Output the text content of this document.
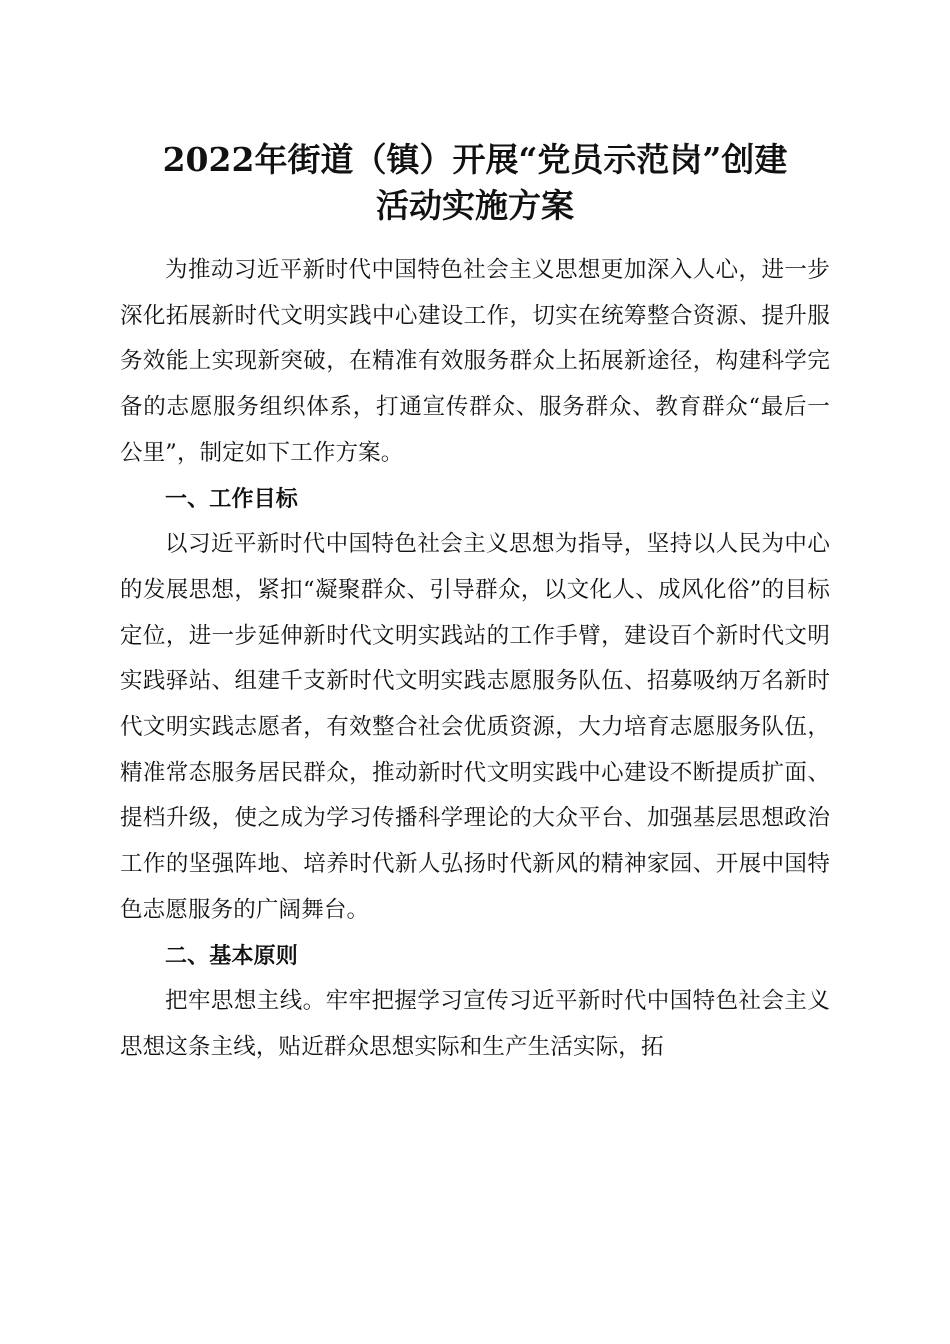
2022年街道（镇）开展“党员示范岗”创建
活动实施方案

为推动习近平新时代中国特色社会主义思想更加深入人心，进一步深化拓展新时代文明实践中心建设工作，切实在统筹整合资源、提升服务效能上实现新突破，在精准有效服务群众上拓展新途径，构建科学完备的志愿服务组织体系，打通宣传群众、服务群众、教育群众“最后一公里”，制定如下工作方案。

一、工作目标

以习近平新时代中国特色社会主义思想为指导，坚持以人民为中心的发展思想，紧扣“凝聚群众、引导群众，以文化人、成风化俗”的目标定位，进一步延伸新时代文明实践站的工作手臂，建设百个新时代文明实践驿站、组建千支新时代文明实践志愿服务队伍、招募吸纳万名新时代文明实践志愿者，有效整合社会优质资源，大力培育志愿服务队伍，精准常态服务居民群众，推动新时代文明实践中心建设不断提质扩面、提档升级，使之成为学习传播科学理论的大众平台、加强基层思想政治工作的坚强阵地、培养时代新人弘扬时代新风的精神家园、开展中国特色志愿服务的广阔舞台。

二、基本原则

把牢思想主线。牢牢把握学习宣传习近平新时代中国特色社会主义思想这条主线，贴近群众思想实际和生产生活实际，拓
